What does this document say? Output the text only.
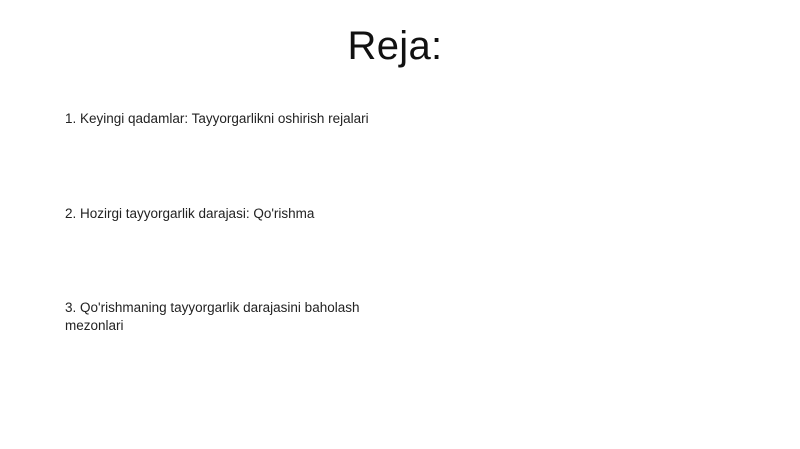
Reja:

1. Keyingi qadamlar: Tayyorgarlikni oshirish rejalari

2. Hozirgi tayyorgarlik darajasi: Qo'rishma

3. Qo'rishmaning tayyorgarlik darajasini baholash mezonlari
